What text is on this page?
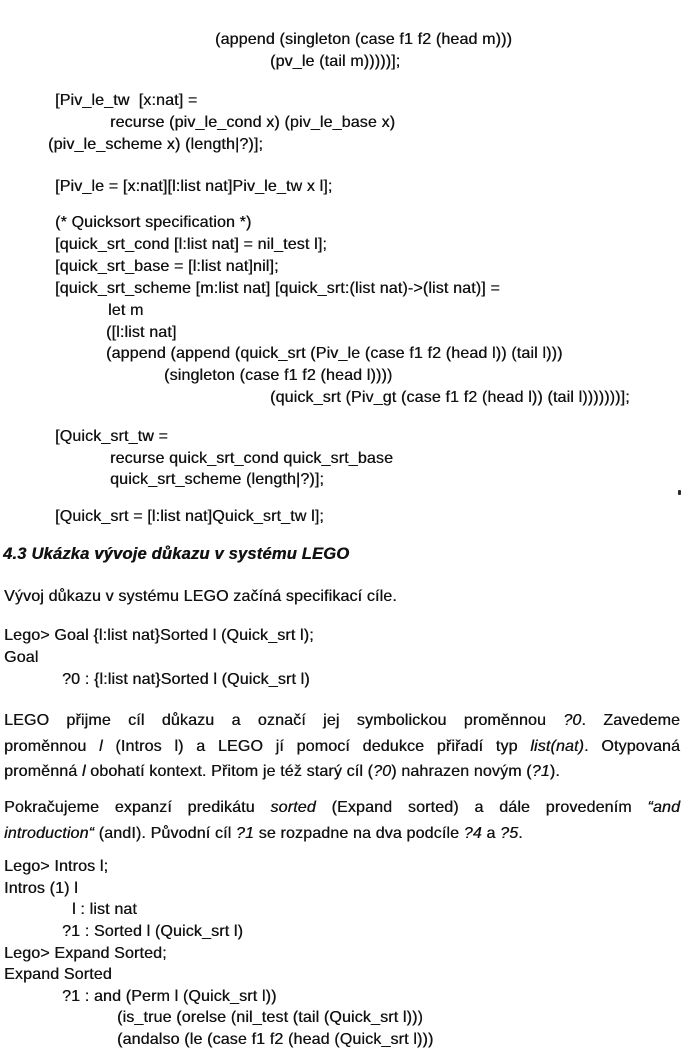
(append (singleton (case f1 f2 (head m)))
(pv_le (tail m)))))];
[Piv_le_tw  [x:nat] =
recurse (piv_le_cond x) (piv_le_base x)
(piv_le_scheme x) (length|?)];
[Piv_le = [x:nat][l:list nat]Piv_le_tw x l];
(* Quicksort specification *)
[quick_srt_cond [l:list nat] = nil_test l];
[quick_srt_base = [l:list nat]nil];
[quick_srt_scheme [m:list nat] [quick_srt:(list nat)->(list nat)] =
let m
([l:list nat]
(append (append (quick_srt (Piv_le (case f1 f2 (head l)) (tail l)))
(singleton (case f1 f2 (head l))))
(quick_srt (Piv_gt (case f1 f2 (head l)) (tail l)))))))];
[Quick_srt_tw =
recurse quick_srt_cond quick_srt_base
quick_srt_scheme (length|?)];
[Quick_srt = [l:list nat]Quick_srt_tw l];
4.3 Ukázka vývoje důkazu v systému LEGO
Vývoj důkazu v systému LEGO začíná specifikací cíle.
Lego> Goal {l:list nat}Sorted l (Quick_srt l);
Goal
?0 : {l:list nat}Sorted l (Quick_srt l)
LEGO přijme cíl důkazu a označí jej symbolickou proměnnou ?0. Zavedeme
proměnnou l (Intros l) a LEGO jí pomocí dedukce přiřadí typ list(nat). Otypovaná
proměnná l obohatí kontext. Přitom je též starý cíl (?0) nahrazen novým (?1).
Pokračujeme expanzí predikátu sorted (Expand sorted) a dále provedením “and
introduction“ (andI). Původní cíl ?1 se rozpadne na dva podcíle ?4 a ?5.
Lego> Intros l;
Intros (1) l
l : list nat
?1 : Sorted l (Quick_srt l)
Lego> Expand Sorted;
Expand Sorted
?1 : and (Perm l (Quick_srt l))
(is_true (orelse (nil_test (tail (Quick_srt l)))
(andalso (le (case f1 f2 (head (Quick_srt l)))
